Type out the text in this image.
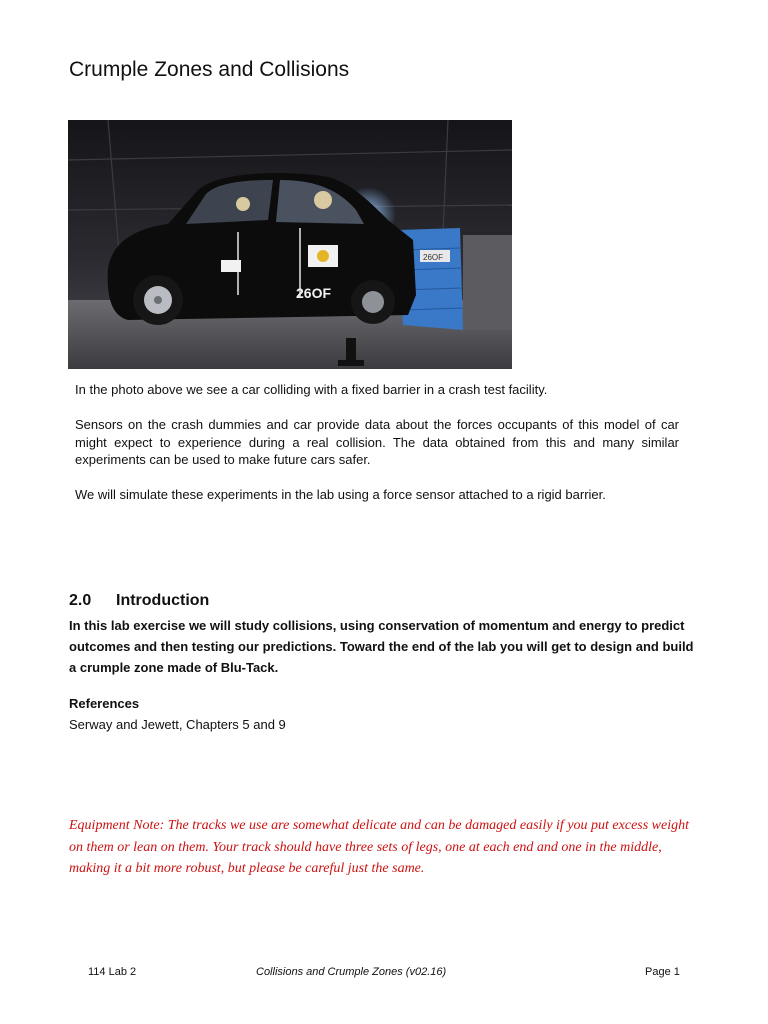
Crumple Zones and Collisions
26OF
26OF

In the photo above we see a car colliding with a fixed barrier in a crash test facility.

Sensors on the crash dummies and car provide data about the forces occupants of this model of car might expect to experience during a real collision. The data obtained from this and many similar experiments can be used to make future cars safer.

We will simulate these experiments in the lab using a force sensor attached to a rigid barrier.

2.0 Introduction

In this lab exercise we will study collisions, using conservation of momentum and energy to predict outcomes and then testing our predictions. Toward the end of the lab you will get to design and build a crumple zone made of Blu-Tack.

References

Serway and Jewett, Chapters 5 and 9

Equipment Note: The tracks we use are somewhat delicate and can be damaged easily if you put excess weight on them or lean on them. Your track should have three sets of legs, one at each end and one in the middle, making it a bit more robust, but please be careful just the same.

114 Lab 2	Collisions and Crumple Zones (v02.16)	Page 1
